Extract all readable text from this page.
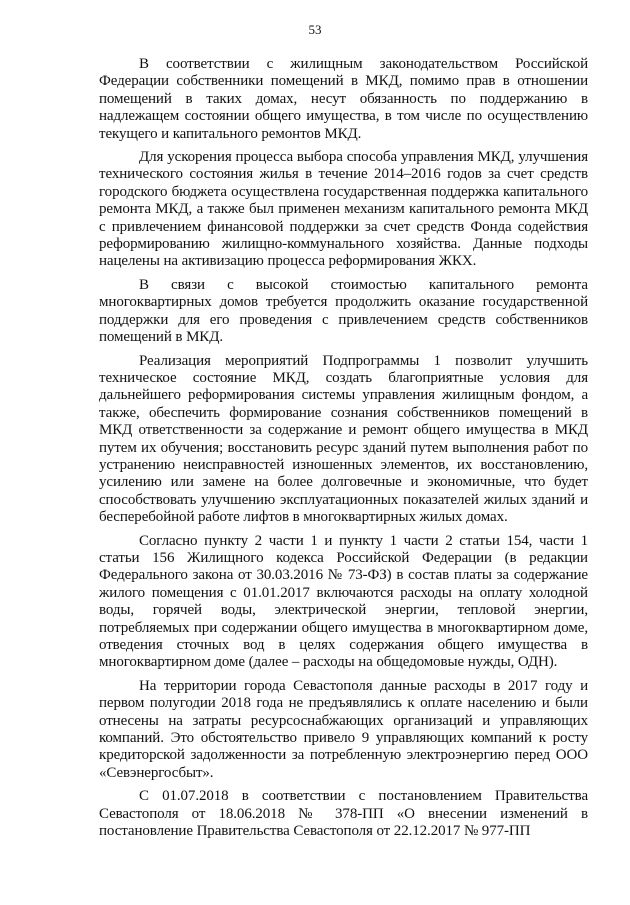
53

В соответствии с жилищным законодательством Российской Федерации собственники помещений в МКД, помимо прав в отношении помещений в таких домах, несут обязанность по поддержанию в надлежащем состоянии общего имущества, в том числе по осуществлению текущего и капитального ремонтов МКД.

Для ускорения процесса выбора способа управления МКД, улучшения технического состояния жилья в течение 2014–2016 годов за счет средств городского бюджета осуществлена государственная поддержка капитального ремонта МКД, а также был применен механизм капитального ремонта МКД с привлечением финансовой поддержки за счет средств Фонда содействия реформированию жилищно-коммунального хозяйства. Данные подходы нацелены на активизацию процесса реформирования ЖКХ.

В связи с высокой стоимостью капитального ремонта многоквартирных домов требуется продолжить оказание государственной поддержки для его проведения с привлечением средств собственников помещений в МКД.

Реализация мероприятий Подпрограммы 1 позволит улучшить техническое состояние МКД, создать благоприятные условия для дальнейшего реформирования системы управления жилищным фондом, а также, обеспечить формирование сознания собственников помещений в МКД ответственности за содержание и ремонт общего имущества в МКД путем их обучения; восстановить ресурс зданий путем выполнения работ по устранению неисправностей изношенных элементов, их восстановлению, усилению или замене на более долговечные и экономичные, что будет способствовать улучшению эксплуатационных показателей жилых зданий и бесперебойной работе лифтов в многоквартирных жилых домах.

Согласно пункту 2 части 1 и пункту 1 части 2 статьи 154, части 1 статьи 156 Жилищного кодекса Российской Федерации (в редакции Федерального закона от 30.03.2016 № 73-ФЗ) в состав платы за содержание жилого помещения с 01.01.2017 включаются расходы на оплату холодной воды, горячей воды, электрической энергии, тепловой энергии, потребляемых при содержании общего имущества в многоквартирном доме, отведения сточных вод в целях содержания общего имущества в многоквартирном доме (далее – расходы на общедомовые нужды, ОДН).

На территории города Севастополя данные расходы в 2017 году и первом полугодии 2018 года не предъявлялись к оплате населению и были отнесены на затраты ресурсоснабжающих организаций и управляющих компаний. Это обстоятельство привело 9 управляющих компаний к росту кредиторской задолженности за потребленную электроэнергию перед ООО «Севэнергосбыт».

С 01.07.2018 в соответствии с постановлением Правительства Севастополя от 18.06.2018 № 378-ПП «О внесении изменений в постановление Правительства Севастополя от 22.12.2017 № 977-ПП
